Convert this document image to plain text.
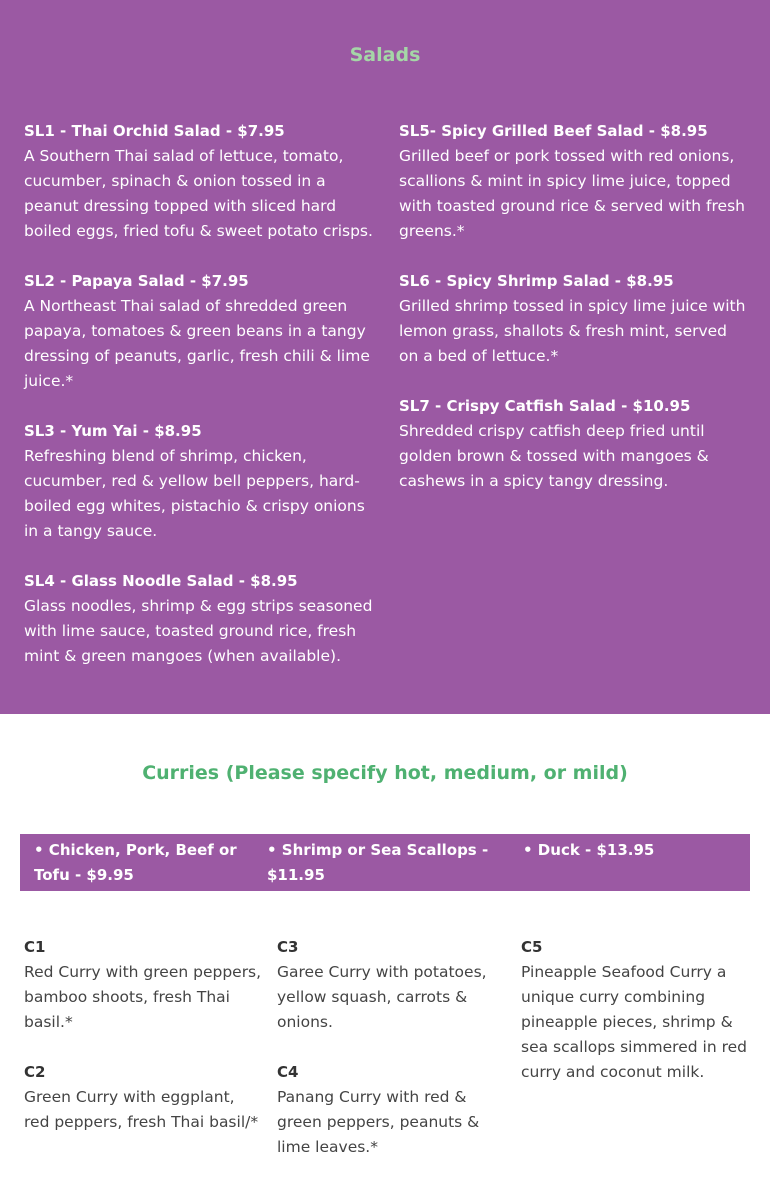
Salads
SL1 - Thai Orchid Salad - $7.95
A Southern Thai salad of lettuce, tomato, cucumber, spinach & onion tossed in a peanut dressing topped with sliced hard boiled eggs, fried tofu & sweet potato crisps.
SL2 - Papaya Salad - $7.95
A Northeast Thai salad of shredded green papaya, tomatoes & green beans in a tangy dressing of peanuts, garlic, fresh chili & lime juice.*
SL3 - Yum Yai - $8.95
Refreshing blend of shrimp, chicken, cucumber, red & yellow bell peppers, hard-boiled egg whites, pistachio & crispy onions in a tangy sauce.
SL4 - Glass Noodle Salad - $8.95
Glass noodles, shrimp & egg strips seasoned with lime sauce, toasted ground rice, fresh mint & green mangoes (when available).
SL5- Spicy Grilled Beef Salad - $8.95
Grilled beef or pork tossed with red onions, scallions & mint in spicy lime juice, topped with toasted ground rice & served with fresh greens.*
SL6 - Spicy Shrimp Salad - $8.95
Grilled shrimp tossed in spicy lime juice with lemon grass, shallots & fresh mint, served on a bed of lettuce.*
SL7 - Crispy Catfish Salad - $10.95
Shredded crispy catfish deep fried until golden brown & tossed with mangoes & cashews in a spicy tangy dressing.
Curries (Please specify hot, medium, or mild)
• Chicken, Pork, Beef or Tofu - $9.95
• Shrimp or Sea Scallops - $11.95
• Duck - $13.95
C1
Red Curry with green peppers, bamboo shoots, fresh Thai basil.*
C2
Green Curry with eggplant, red peppers, fresh Thai basil/*
C3
Garee Curry with potatoes, yellow squash, carrots & onions.
C4
Panang Curry with red & green peppers, peanuts & lime leaves.*
C5
Pineapple Seafood Curry a unique curry combining pineapple pieces, shrimp & sea scallops simmered in red curry and coconut milk.
